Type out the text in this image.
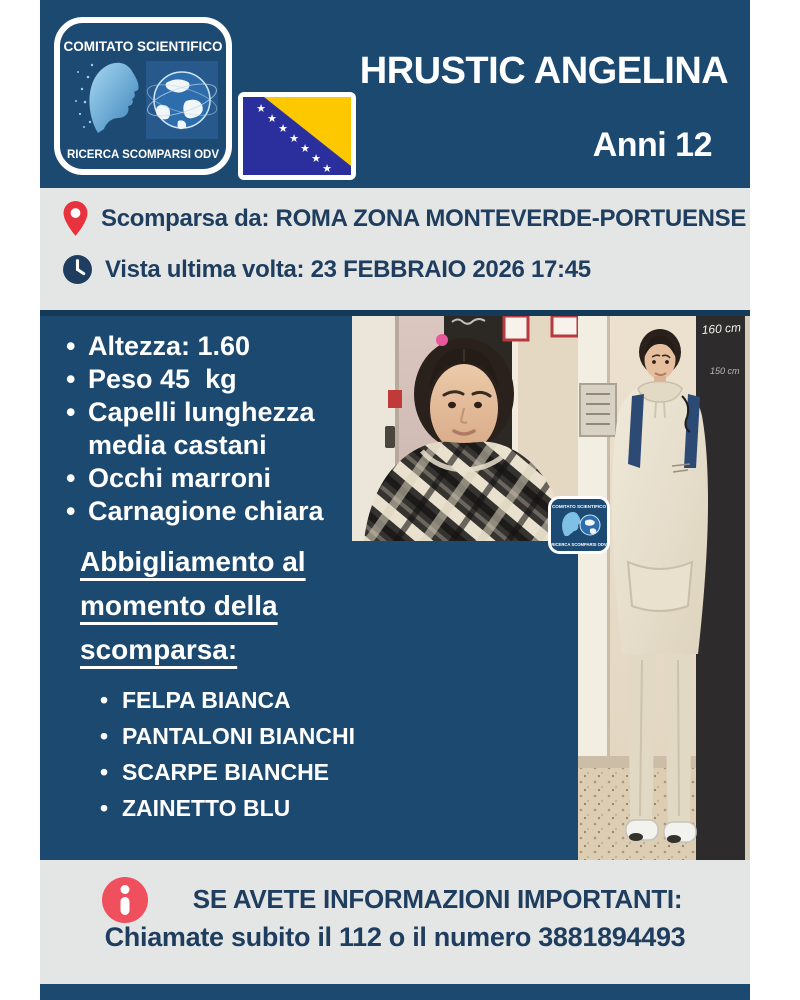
COMITATO SCIENTIFICO
RICERCA SCOMPARSI ODV
★
★
★
★
★
★
★
HRUSTIC ANGELINA
Anni 12
Scomparsa da: ROMA ZONA MONTEVERDE-PORTUENSE
Vista ultima volta: 23 FEBBRAIO 2026 17:45
• Altezza: 1.60
• Peso 45  kg
• Capelli lunghezza media castani
• Occhi marroni
• Carnagione chiara
Abbigliamento al
momento della
scomparsa:
• FELPA BIANCA
• PANTALONI BIANCHI
• SCARPE BIANCHE
• ZAINETTO BLU
160 cm
150 cm
COMITATO SCIENTIFICO
RICERCA SCOMPARSI ODV
SE AVETE INFORMAZIONI IMPORTANTI:
Chiamate subito il 112 o il numero 3881894493
